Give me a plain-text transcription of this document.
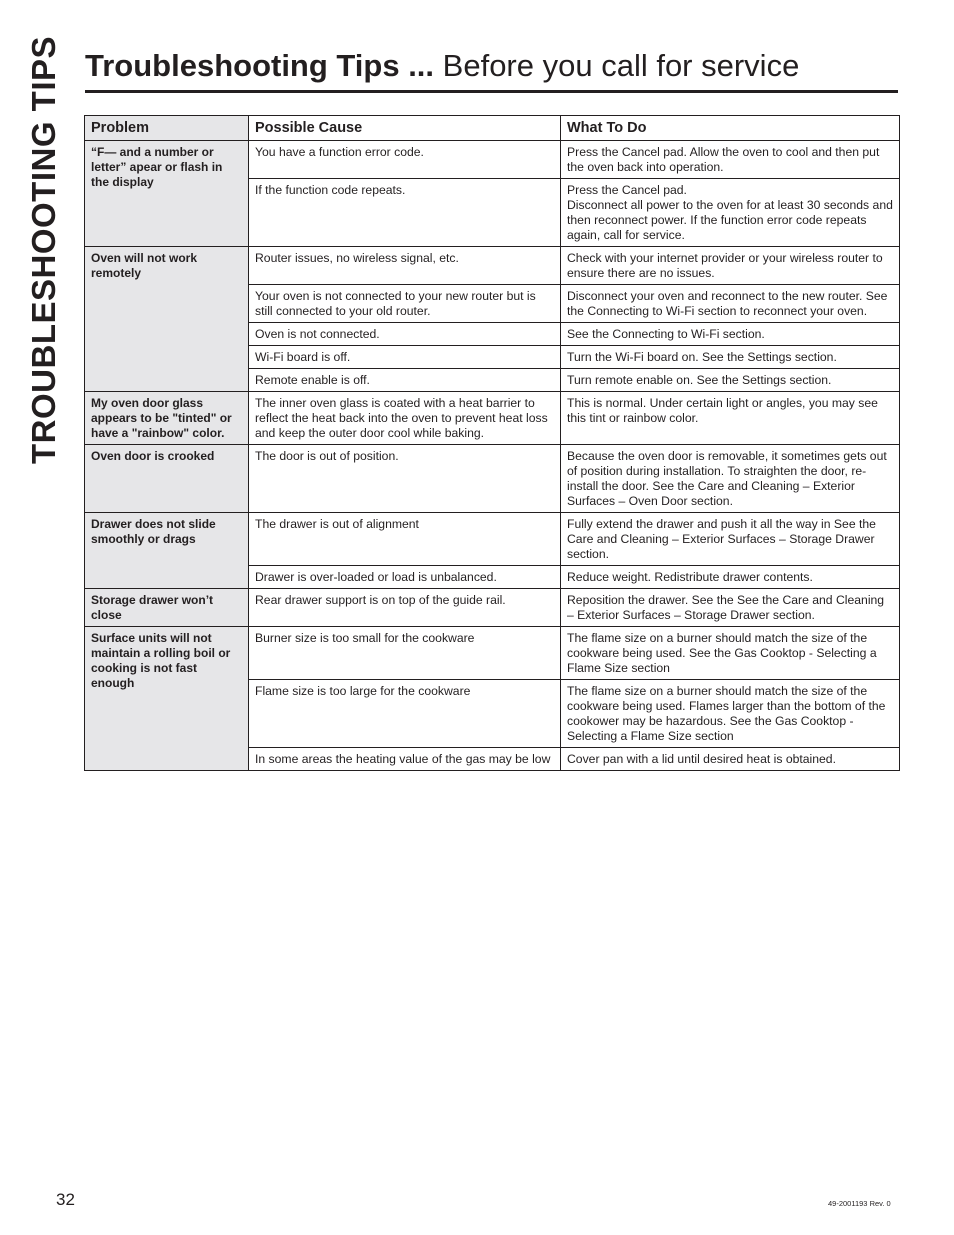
TROUBLESHOOTING TIPS Troubleshooting Tips ... Before you call for service
Problem	Possible Cause	What To Do
“F— and a number or letter” apear or flash in the display	You have a function error code.	Press the Cancel pad. Allow the oven to cool and then put the oven back into operation.
	If the function code repeats.	Press the Cancel pad.
Disconnect all power to the oven for at least 30 seconds and then reconnect power. If the function error code repeats again, call for service.
Oven will not work remotely	Router issues, no wireless signal, etc.	Check with your internet provider or your wireless router to ensure there are no issues.
	Your oven is not connected to your new router but is still connected to your old router.	Disconnect your oven and reconnect to the new router. See the Connecting to Wi-Fi section to reconnect your oven.
	Oven is not connected.	See the Connecting to Wi-Fi section.
	Wi-Fi board is off.	Turn the Wi-Fi board on. See the Settings section.
	Remote enable is off.	Turn remote enable on. See the Settings section.
My oven door glass appears to be "tinted" or have a "rainbow" color.	The inner oven glass is coated with a heat barrier to reflect the heat back into the oven to prevent heat loss and keep the outer door cool while baking.	This is normal. Under certain light or angles, you may see this tint or rainbow color.
Oven door is crooked	The door is out of position.	Because the oven door is removable, it sometimes gets out of position during installation. To straighten the door, re-install the door. See the Care and Cleaning – Exterior Surfaces – Oven Door section.
Drawer does not slide smoothly or drags	The drawer is out of alignment	Fully extend the drawer and push it all the way in See the Care and Cleaning – Exterior Surfaces – Storage Drawer section.
	Drawer is over-loaded or load is unbalanced.	Reduce weight. Redistribute drawer contents.
Storage drawer won’t close	Rear drawer support is on top of the guide rail.	Reposition the drawer. See the See the Care and Cleaning – Exterior Surfaces – Storage Drawer section.
Surface units will not maintain a rolling boil or cooking is not fast enough	Burner size is too small for the cookware	The flame size on a burner should match the size of the cookware being used. See the Gas Cooktop - Selecting a Flame Size section
	Flame size is too large for the cookware	The flame size on a burner should match the size of the cookware being used. Flames larger than the bottom of the cookower may be hazardous. See the Gas Cooktop - Selecting a Flame Size section
	In some areas the heating value of the gas may be low	Cover pan with a lid until desired heat is obtained.
32	49-2001193 Rev. 0
